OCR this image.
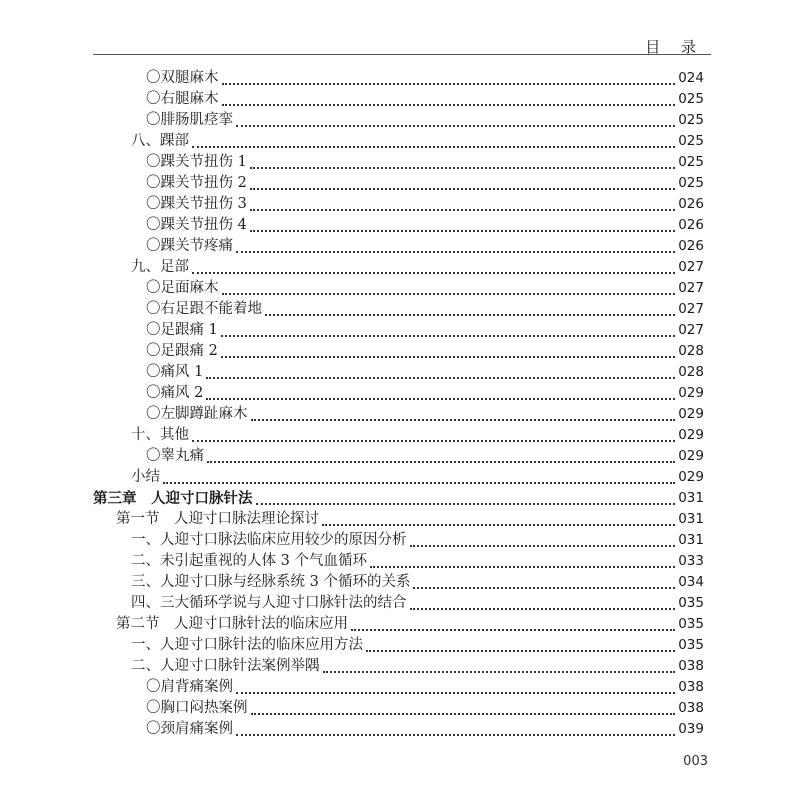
目 录
〇双腿麻木	024
〇右腿麻木	025
〇腓肠肌痉挛	025
八、踝部	025
〇踝关节扭伤 1	025
〇踝关节扭伤 2	025
〇踝关节扭伤 3	026
〇踝关节扭伤 4	026
〇踝关节疼痛	026
九、足部	027
〇足面麻木	027
〇右足跟不能着地	027
〇足跟痛 1	027
〇足跟痛 2	028
〇痛风 1	028
〇痛风 2	029
〇左脚蹲趾麻木	029
十、其他	029
〇睾丸痛	029
小结	029
第三章　人迎寸口脉针法	031
第一节　人迎寸口脉法理论探讨	031
一、人迎寸口脉法临床应用较少的原因分析	031
二、未引起重视的人体 3 个气血循环	033
三、人迎寸口脉与经脉系统 3 个循环的关系	034
四、三大循环学说与人迎寸口脉针法的结合	035
第二节　人迎寸口脉针法的临床应用	035
一、人迎寸口脉针法的临床应用方法	035
二、人迎寸口脉针法案例举隅	038
〇肩背痛案例	038
〇胸口闷热案例	038
〇颈肩痛案例	039
003
